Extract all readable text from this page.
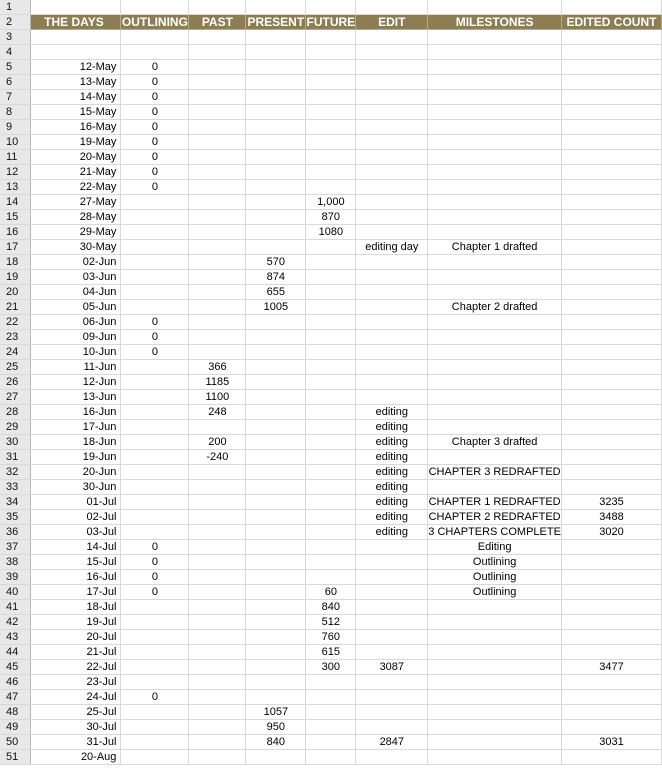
1								
2	THE DAYS	OUTLINING	PAST	PRESENT	FUTURE	EDIT	MILESTONES	EDITED COUNT
3								
4								
5	12-May	0						
6	13-May	0						
7	14-May	0						
8	15-May	0						
9	16-May	0						
10	19-May	0						
11	20-May	0						
12	21-May	0						
13	22-May	0						
14	27-May				1,000			
15	28-May				870			
16	29-May				1080			
17	30-May					editing day	Chapter 1 drafted	
18	02-Jun			570				
19	03-Jun			874				
20	04-Jun			655				
21	05-Jun			1005			Chapter 2 drafted	
22	06-Jun	0						
23	09-Jun	0						
24	10-Jun	0						
25	11-Jun		366					
26	12-Jun		1185					
27	13-Jun		1100					
28	16-Jun		248			editing		
29	17-Jun					editing		
30	18-Jun		200			editing	Chapter 3 drafted	
31	19-Jun		-240			editing		
32	20-Jun					editing	CHAPTER 3 REDRAFTED	
33	30-Jun					editing		
34	01-Jul					editing	CHAPTER 1 REDRAFTED	3235
35	02-Jul					editing	CHAPTER 2 REDRAFTED	3488
36	03-Jul					editing	3 CHAPTERS COMPLETE	3020
37	14-Jul	0					Editing	
38	15-Jul	0					Outlining	
39	16-Jul	0					Outlining	
40	17-Jul	0			60		Outlining	
41	18-Jul				840			
42	19-Jul				512			
43	20-Jul				760			
44	21-Jul				615			
45	22-Jul				300	3087		3477
46	23-Jul							
47	24-Jul	0						
48	25-Jul			1057				
49	30-Jul			950				
50	31-Jul			840		2847		3031
51	20-Aug							
